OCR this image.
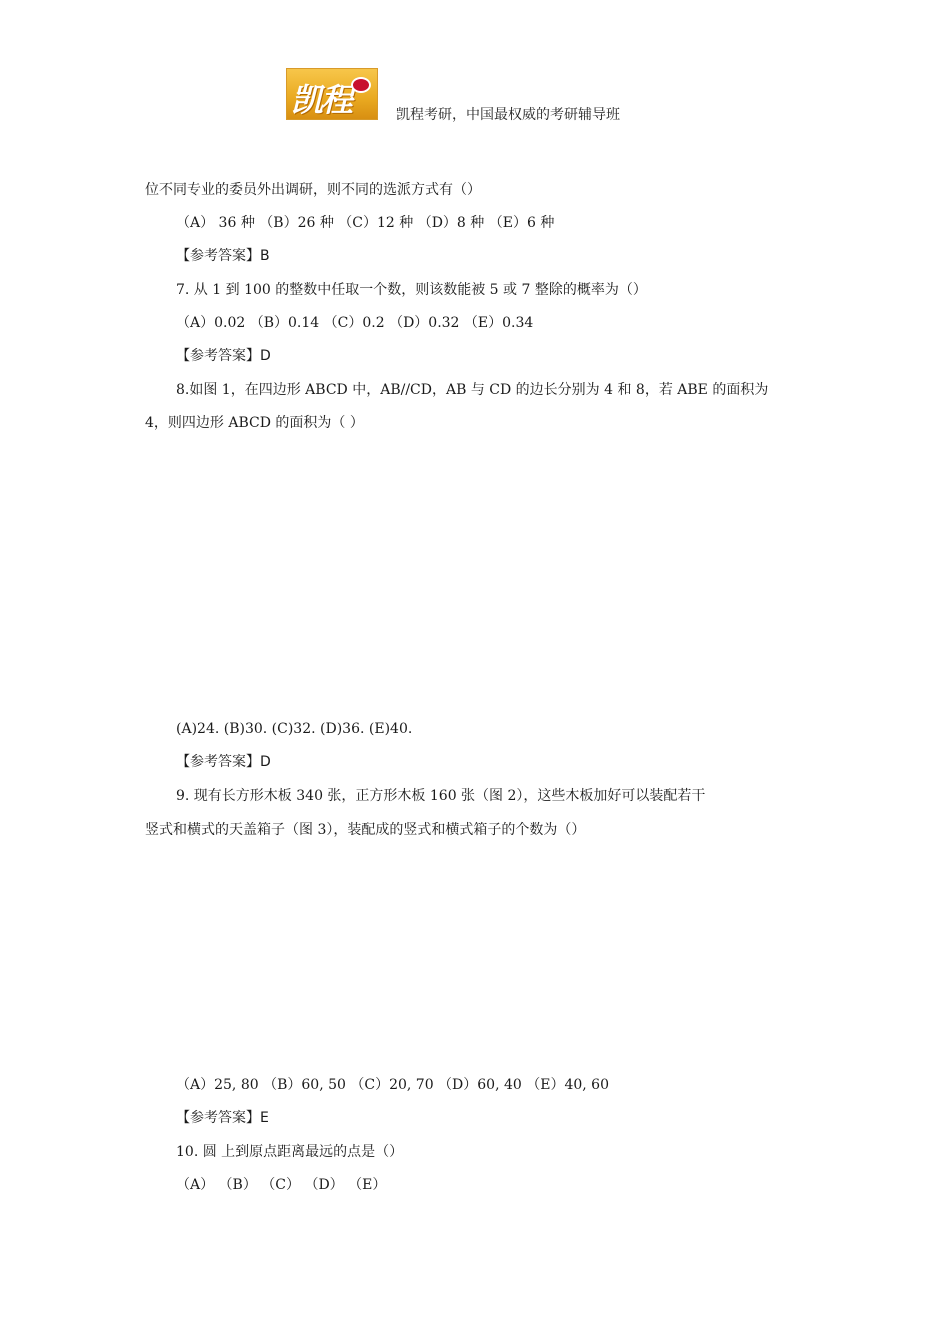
凯程	凯程考研，中国最权威的考研辅导班
位不同专业的委员外出调研，则不同的选派方式有（）
（A） 36 种 （B）26 种 （C）12 种 （D）8 种 （E）6 种
【参考答案】B
7. 从 1 到 100 的整数中任取一个数，则该数能被 5 或 7 整除的概率为（）
（A）0.02 （B）0.14 （C）0.2 （D）0.32 （E）0.34
【参考答案】D
8.如图 1，在四边形 ABCD 中，AB//CD，AB 与 CD 的边长分别为 4 和 8，若 ABE 的面积为
4，则四边形 ABCD 的面积为（ ）
(A)24. (B)30. (C)32. (D)36. (E)40.
【参考答案】D
9. 现有长方形木板 340 张，正方形木板 160 张（图 2），这些木板加好可以装配若干
竖式和横式的天盖箱子（图 3），装配成的竖式和横式箱子的个数为（）
（A）25, 80 （B）60, 50 （C）20, 70 （D）60, 40 （E）40, 60
【参考答案】E
10. 圆 上到原点距离最远的点是（）
（A） （B） （C） （D） （E）
